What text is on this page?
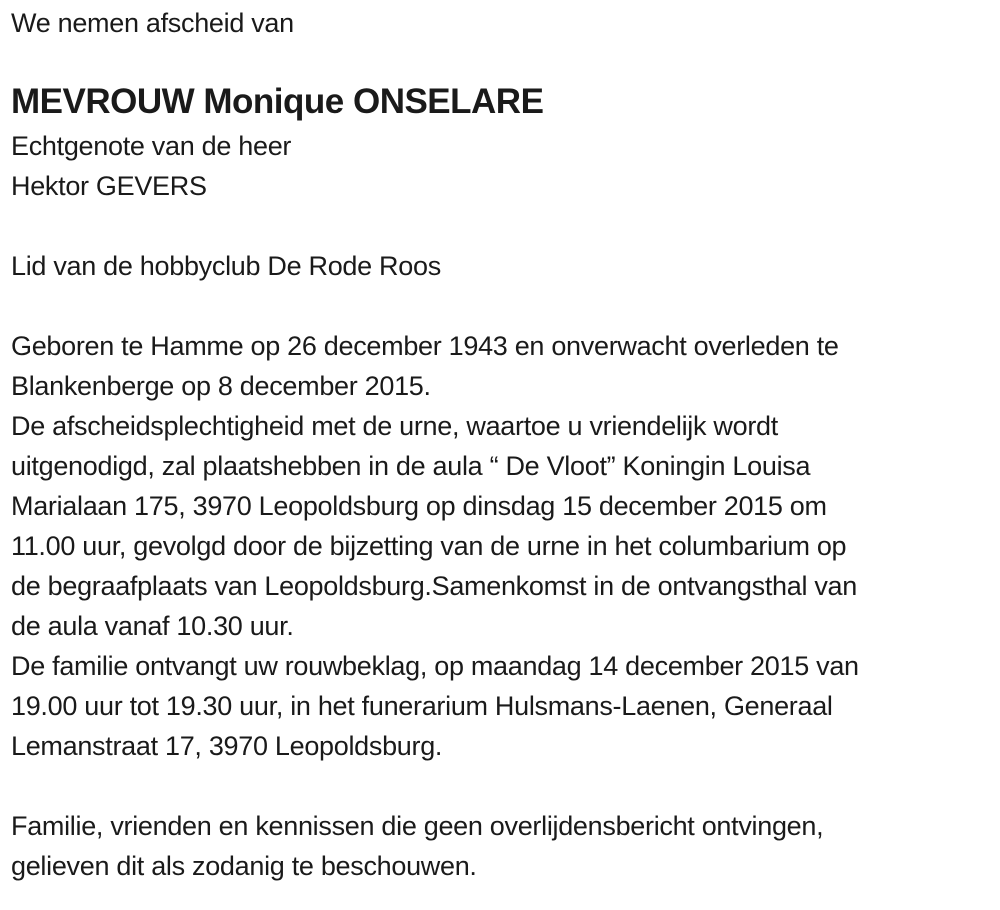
We nemen afscheid van
MEVROUW Monique ONSELARE
Echtgenote van de heer
Hektor GEVERS
Lid van de hobbyclub De Rode Roos
Geboren te Hamme op 26 december 1943 en onverwacht overleden te
Blankenberge op 8 december 2015.
De afscheidsplechtigheid met de urne, waartoe u vriendelijk wordt
uitgenodigd, zal plaatshebben in de aula “ De Vloot” Koningin Louisa
Marialaan 175, 3970 Leopoldsburg op dinsdag 15 december 2015 om
11.00 uur, gevolgd door de bijzetting van de urne in het columbarium op
de begraafplaats van Leopoldsburg.Samenkomst in de ontvangsthal van
de aula vanaf 10.30 uur.
De familie ontvangt uw rouwbeklag, op maandag 14 december 2015 van
19.00 uur tot 19.30 uur, in het funerarium Hulsmans-Laenen, Generaal
Lemanstraat 17, 3970 Leopoldsburg.
Familie, vrienden en kennissen die geen overlijdensbericht ontvingen,
gelieven dit als zodanig te beschouwen.
